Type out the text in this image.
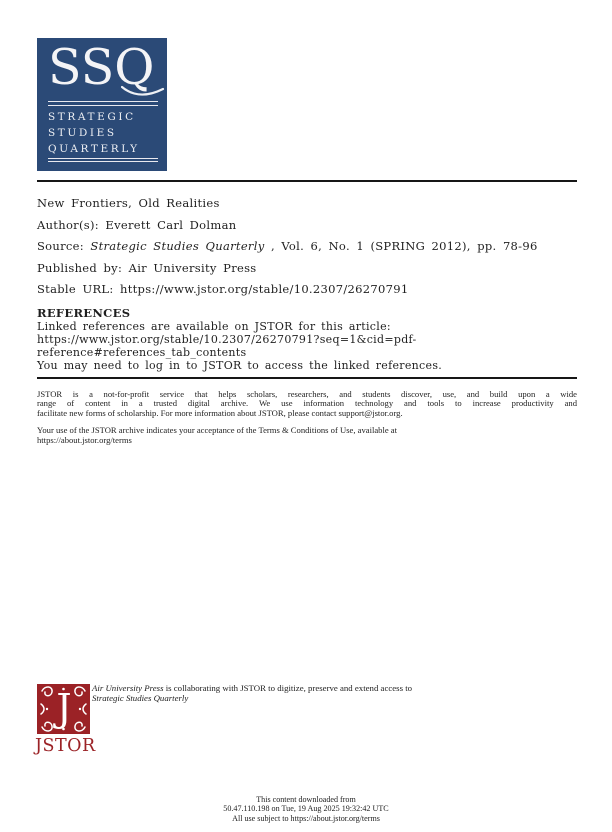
SSQ
STRATEGIC
STUDIES
QUARTERLY
New Frontiers, Old Realities
Author(s): Everett Carl Dolman
Source: Strategic Studies Quarterly , Vol. 6, No. 1 (SPRING 2012), pp. 78-96
Published by: Air University Press
Stable URL: https://www.jstor.org/stable/10.2307/26270791
REFERENCES
Linked references are available on JSTOR for this article:
https://www.jstor.org/stable/10.2307/26270791?seq=1&cid=pdf-
reference#references_tab_contents
You may need to log in to JSTOR to access the linked references.
JSTOR is a not-for-profit service that helps scholars, researchers, and students discover, use, and build upon a wide
range of content in a trusted digital archive. We use information technology and tools to increase productivity and
facilitate new forms of scholarship. For more information about JSTOR, please contact support@jstor.org.
Your use of the JSTOR archive indicates your acceptance of the Terms & Conditions of Use, available at
https://about.jstor.org/terms
J
JSTOR
Air University Press is collaborating with JSTOR to digitize, preserve and extend access to
Strategic Studies Quarterly
This content downloaded from
50.47.110.198 on Tue, 19 Aug 2025 19:32:42 UTC
All use subject to https://about.jstor.org/terms
